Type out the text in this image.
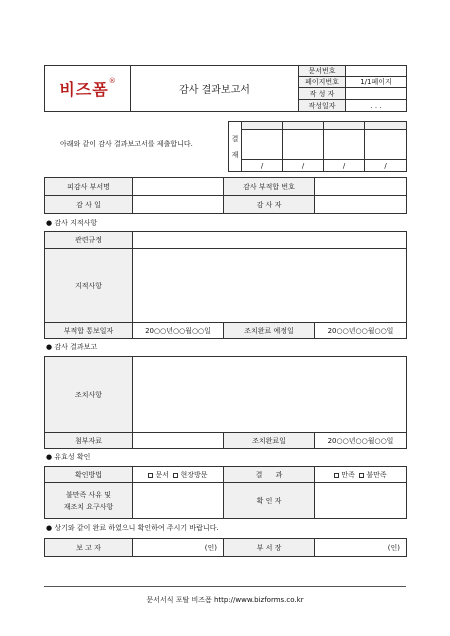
비즈폼®	감사 결과보고서	문서번호	
		페이지번호	1/1페이지
		작 성 자	
		작성일자	. . .
아래와 같이 감사 결과보고서를 제출합니다.
결
재				

	/	/	/	/
피감사 부서명		감사 부적합 번호	
감 사 일		감 사 자	
● 감사 지적사항
관련규정			
지적사항			
부적합 통보일자	20○○년○○월○○일	조치완료 예정일	20○○년○○월○○일
● 감사 결과보고
조치사항			
첨부자료		조치완료일	20○○년○○월○○일
● 유효성 확인
확인방법	문서 현장방문	결      과	만족 불만족

불만족 사유 및
재조치 요구사항		확 인 자	
● 상기와 같이 완료 하였으니 확인하여 주시기 바랍니다.
보 고 자	(인)	부 서 장	(인)
문서서식 포탈 비즈폼 http://www.bizforms.co.kr
